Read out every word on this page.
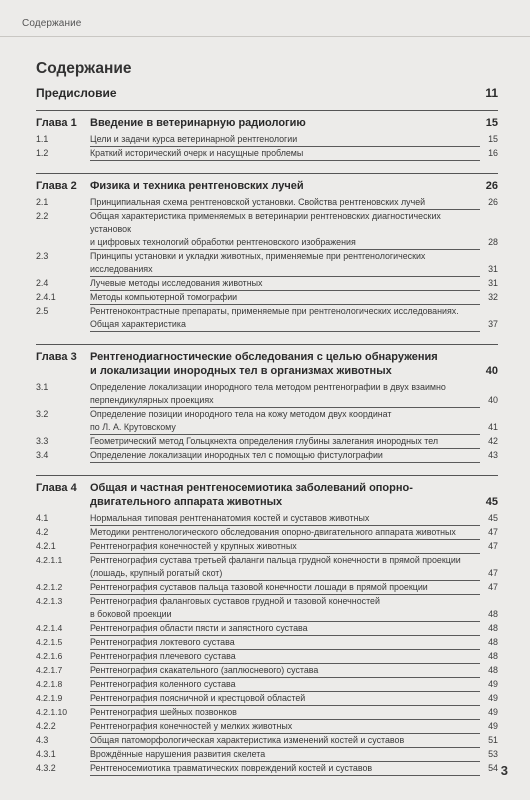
Содержание
Содержание
Предисловие	11
Глава 1 Введение в ветеринарную радиологию	15
1.1	Цели и задачи курса ветеринарной рентгенологии	15
1.2	Краткий исторический очерк и насущные проблемы	16
Глава 2 Физика и техника рентгеновских лучей	26
2.1	Принципиальная схема рентгеновской установки. Свойства рентгеновских лучей	26
2.2	Общая характеристика применяемых в ветеринарии рентгеновских диагностических установок
и цифровых технологий обработки рентгеновского изображения	28
2.3	Принципы установки и укладки животных, применяемые при рентгенологических
исследованиях	31
2.4	Лучевые методы исследования животных	31
2.4.1	Методы компьютерной томографии	32
2.5	Рентгеноконтрастные препараты, применяемые при рентгенологических исследованиях.
Общая характеристика	37
Глава 3 Рентгенодиагностические обследования с целью обнаружения
и локализации инородных тел в организмах животных	40
3.1	Определение локализации инородного тела методом рентгенографии в двух взаимно
перпендикулярных проекциях	40
3.2	Определение позиции инородного тела на кожу методом двух координат
по Л. А. Крутовскому	41
3.3	Геометрический метод Гольцкнехта определения глубины залегания инородных тел	42
3.4	Определение локализации инородных тел с помощью фистулографии	43
Глава 4 Общая и частная рентгеносемиотика заболеваний опорно-
двигательного аппарата животных	45
4.1	Нормальная типовая рентгенанатомия костей и суставов животных	45
4.2	Методики рентгенологического обследования опорно-двигательного аппарата животных	47
4.2.1	Рентгенография конечностей у крупных животных	47
4.2.1.1	Рентгенография сустава третьей фаланги пальца грудной конечности в прямой проекции
(лошадь, крупный рогатый скот)	47
4.2.1.2	Рентгенография суставов пальца тазовой конечности лошади в прямой проекции	47
4.2.1.3	Рентгенография фаланговых суставов грудной и тазовой конечностей
в боковой проекции	48
4.2.1.4	Рентгенография области пясти и запястного сустава	48
4.2.1.5	Рентгенография локтевого сустава	48
4.2.1.6	Рентгенография плечевого сустава	48
4.2.1.7	Рентгенография скакательного (заплюсневого) сустава	48
4.2.1.8	Рентгенография коленного сустава	49
4.2.1.9	Рентгенография поясничной и крестцовой областей	49
4.2.1.10	Рентгенография шейных позвонков	49
4.2.2	Рентгенография конечностей у мелких животных	49
4.3	Общая патоморфологическая характеристика изменений костей и суставов	51
4.3.1	Врождённые нарушения развития скелета	53
4.3.2	Рентгеносемиотика травматических повреждений костей и суставов	54 3
